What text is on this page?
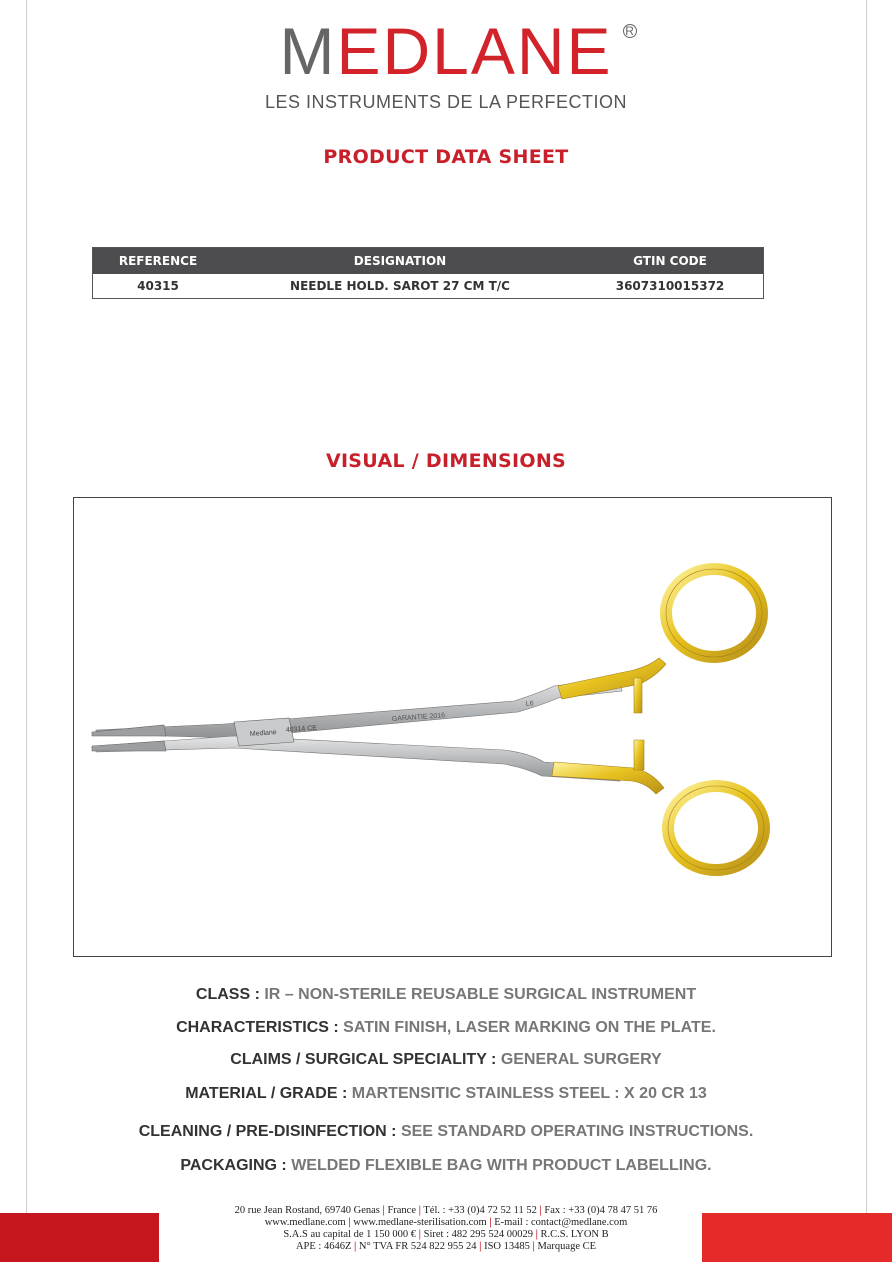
MEDLANE R
LES INSTRUMENTS DE LA PERFECTION
PRODUCT DATA SHEET
REFERENCE	DESIGNATION	GTIN CODE
40315	NEEDLE HOLD. SAROT 27 CM T/C	3607310015372
VISUAL / DIMENSIONS
Medlane 40314 CE
GARANTIE 2016
L6
CLASS : IR – NON-STERILE REUSABLE SURGICAL INSTRUMENT
CHARACTERISTICS : SATIN FINISH, LASER MARKING ON THE PLATE.
CLAIMS / SURGICAL SPECIALITY : GENERAL SURGERY
MATERIAL / GRADE : MARTENSITIC STAINLESS STEEL : X 20 CR 13
CLEANING / PRE-DISINFECTION : SEE STANDARD OPERATING INSTRUCTIONS.
PACKAGING : WELDED FLEXIBLE BAG WITH PRODUCT LABELLING.
20 rue Jean Rostand, 69740 Genas | France | Tél. : +33 (0)4 72 52 11 52 | Fax : +33 (0)4 78 47 51 76
www.medlane.com | www.medlane-sterilisation.com | E-mail : contact@medlane.com
S.A.S au capital de 1 150 000 € | Siret : 482 295 524 00029 | R.C.S. LYON B
APE : 4646Z | N° TVA FR 524 822 955 24 | ISO 13485 | Marquage CE
